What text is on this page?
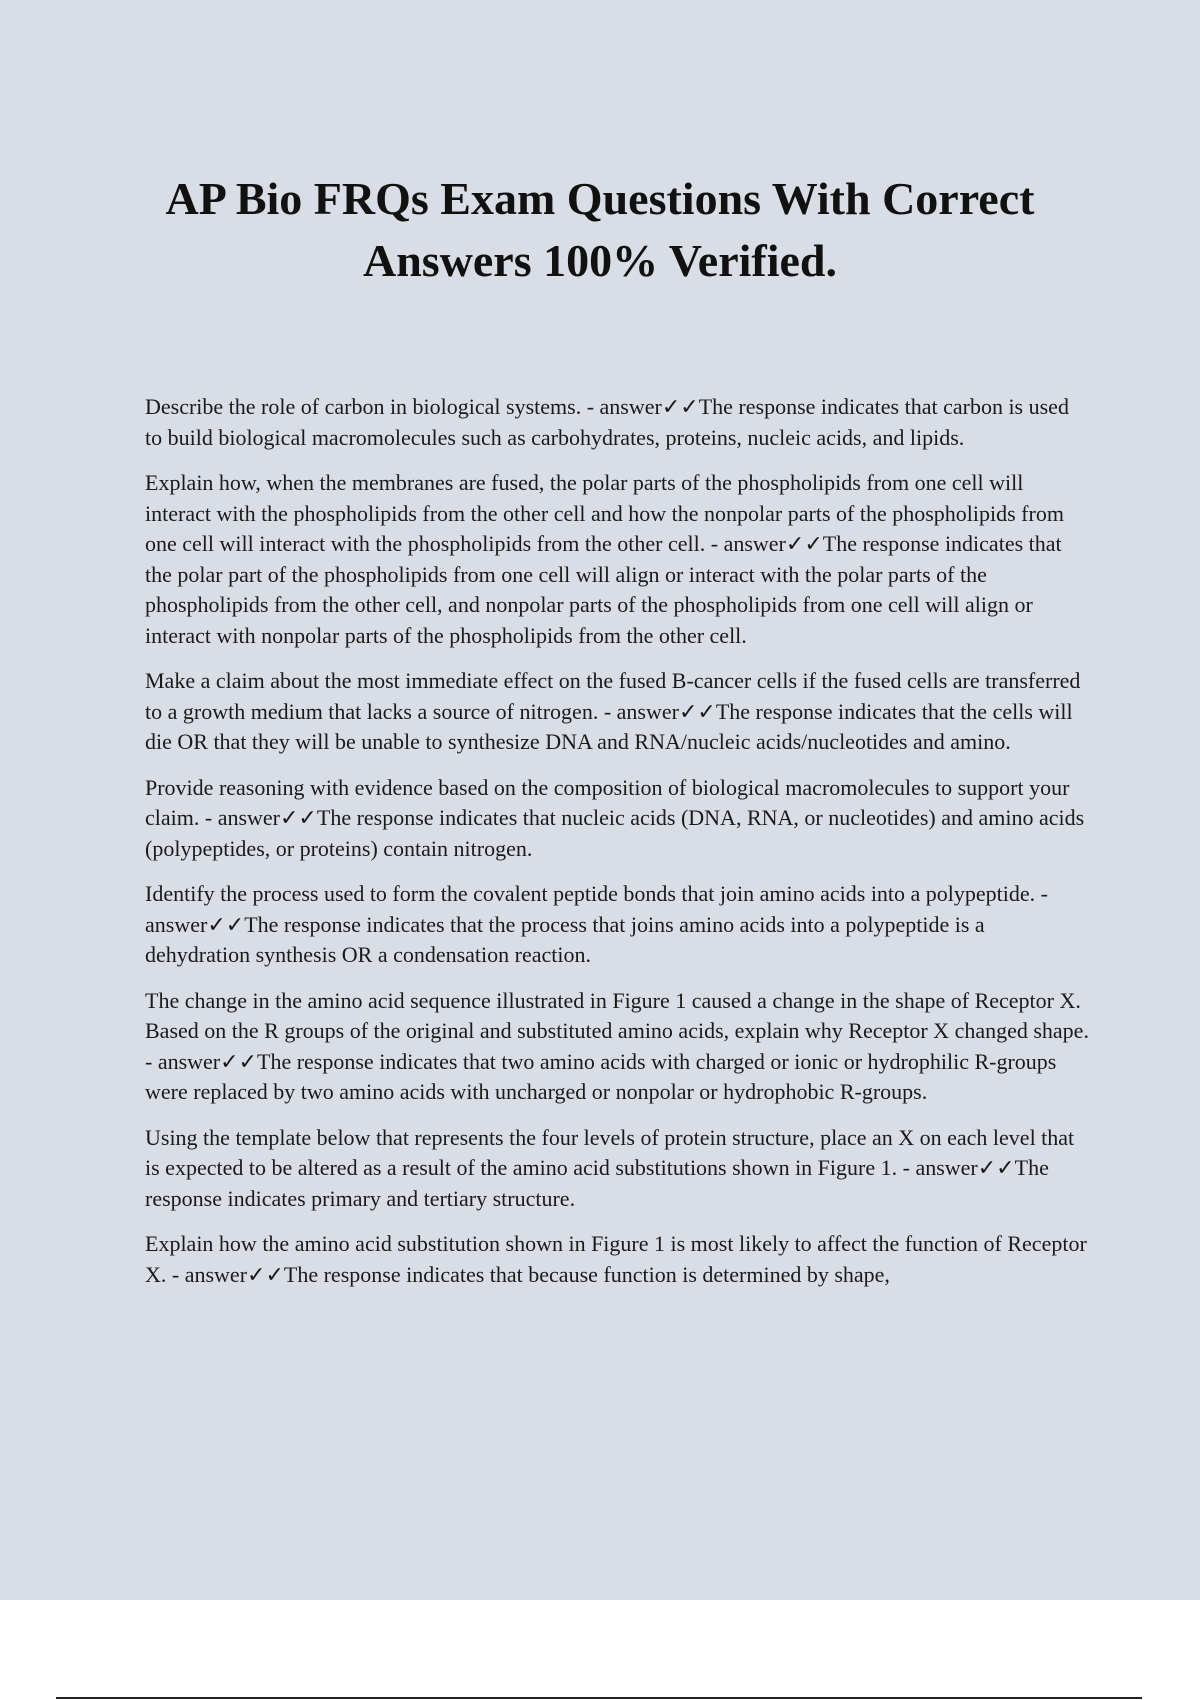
AP Bio FRQs Exam Questions With Correct Answers 100% Verified.

Describe the role of carbon in biological systems. - answer✓✓The response indicates that carbon is used to build biological macromolecules such as carbohydrates, proteins, nucleic acids, and lipids.

Explain how, when the membranes are fused, the polar parts of the phospholipids from one cell will interact with the phospholipids from the other cell and how the nonpolar parts of the phospholipids from one cell will interact with the phospholipids from the other cell. - answer✓✓The response indicates that the polar part of the phospholipids from one cell will align or interact with the polar parts of the phospholipids from the other cell, and nonpolar parts of the phospholipids from one cell will align or interact with nonpolar parts of the phospholipids from the other cell.

Make a claim about the most immediate effect on the fused B-cancer cells if the fused cells are transferred to a growth medium that lacks a source of nitrogen. - answer✓✓The response indicates that the cells will die OR that they will be unable to synthesize DNA and RNA/nucleic acids/nucleotides and amino.

Provide reasoning with evidence based on the composition of biological macromolecules to support your claim. - answer✓✓The response indicates that nucleic acids (DNA, RNA, or nucleotides) and amino acids (polypeptides, or proteins) contain nitrogen.

Identify the process used to form the covalent peptide bonds that join amino acids into a polypeptide. - answer✓✓The response indicates that the process that joins amino acids into a polypeptide is a dehydration synthesis OR a condensation reaction.

The change in the amino acid sequence illustrated in Figure 1 caused a change in the shape of Receptor X. Based on the R groups of the original and substituted amino acids, explain why Receptor X changed shape. - answer✓✓The response indicates that two amino acids with charged or ionic or hydrophilic R-groups were replaced by two amino acids with uncharged or nonpolar or hydrophobic R-groups.

Using the template below that represents the four levels of protein structure, place an X on each level that is expected to be altered as a result of the amino acid substitutions shown in Figure 1. - answer✓✓The response indicates primary and tertiary structure.

Explain how the amino acid substitution shown in Figure 1 is most likely to affect the function of Receptor X. - answer✓✓The response indicates that because function is determined by shape,
